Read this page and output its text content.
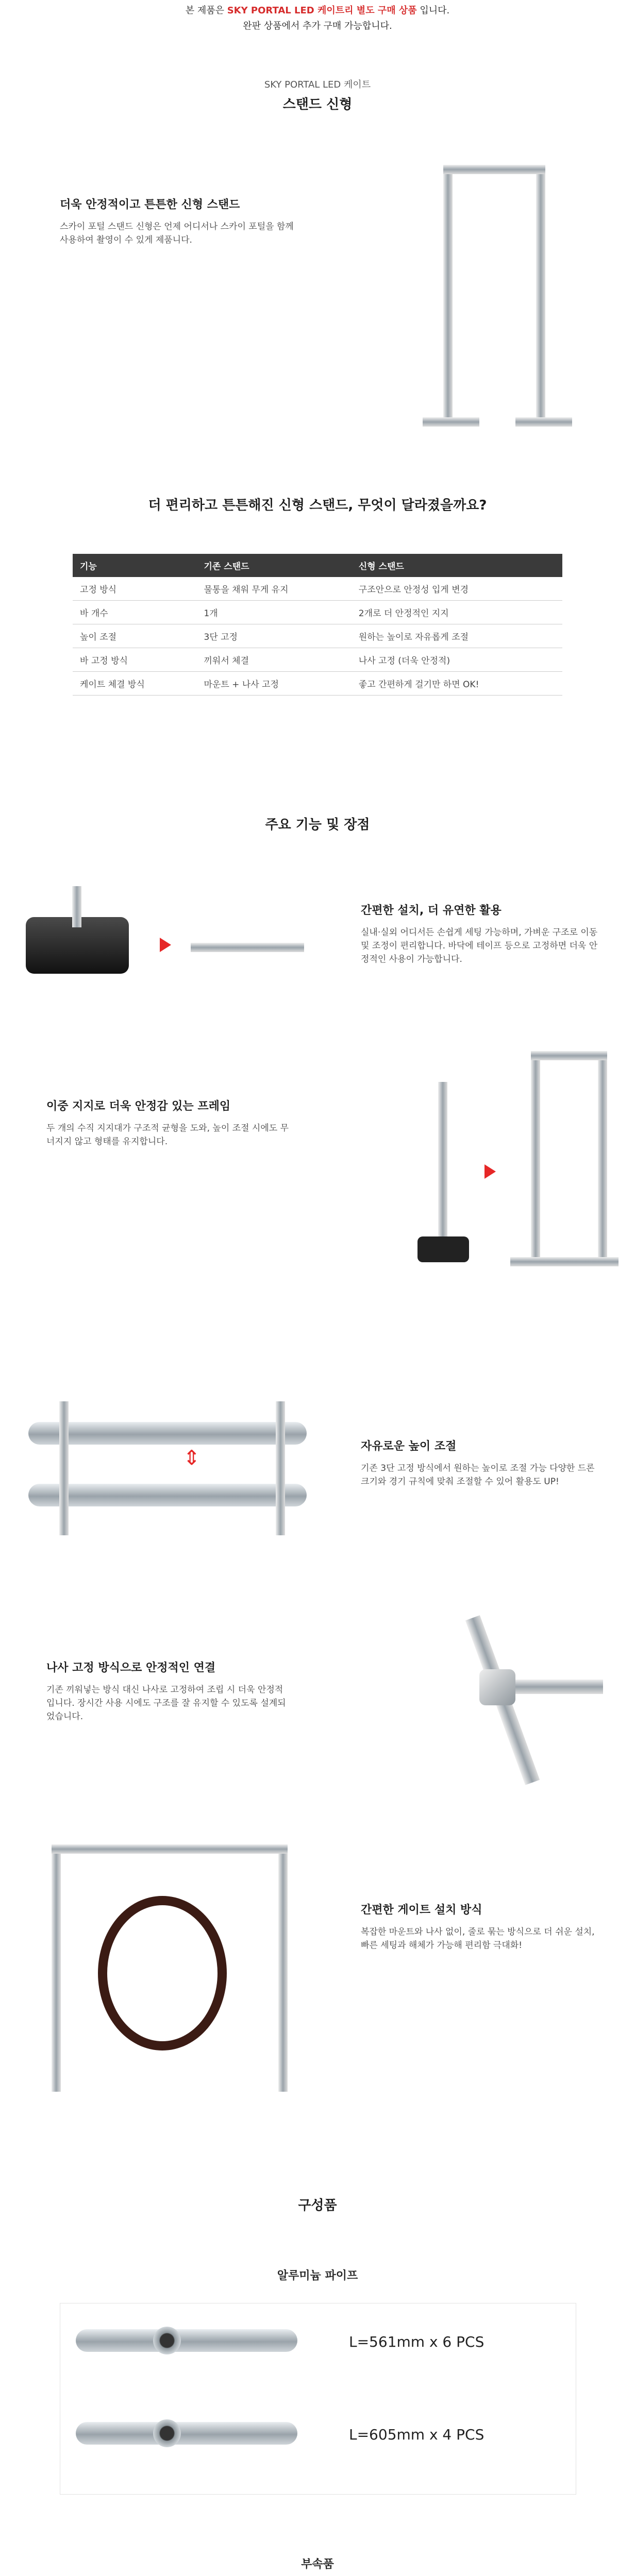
본 제품은 SKY PORTAL LED 케이트리 별도 구매 상품 입니다.
완판 상품에서 추가 구매 가능합니다.
SKY PORTAL LED 케이트
스탠드 신형
더욱 안정적이고 튼튼한 신형 스탠드
스카이 포털 스탠드 신형은 언제 어디서나 스카이 포털을 함께 사용하여 촬영이 수 있게 제품니다.
더 편리하고 튼튼해진 신형 스탠드, 무엇이 달라졌을까요?
기능	기존 스탠드	신형 스탠드
고정 방식	물통을 채워 무게 유지	구조안으로 안정성 입게 변경
바 개수	1개	2개로 더 안정적인 지지
높이 조절	3단 고정	원하는 높이로 자유롭게 조절
바 고정 방식	끼워서 체결	나사 고정 (더욱 안정적)
케이트 체결 방식	마운트 + 나사 고정	좋고 간편하게 걸기만 하면 OK!
주요 기능 및 장점
간편한 설치, 더 유연한 활용
실내·실외 어디서든 손쉽게 세팅 가능하며, 가벼운 구조로 이동 및 조정이 편리합니다. 바닥에 테이프 등으로 고정하면 더욱 안정적인 사용이 가능합니다.
이중 지지로 더욱 안정감 있는 프레임
두 개의 수직 지지대가 구조적 균형을 도와, 높이 조절 시에도 무너지지 않고 형태를 유지합니다.
⇕	자유로운 높이 조절
기존 3단 고정 방식에서 원하는 높이로 조절 가능 다양한 드론 크기와 경기 규칙에 맞춰 조절할 수 있어 활용도 UP!
나사 고정 방식으로 안정적인 연결
기존 끼워넣는 방식 대신 나사로 고정하여 조립 시 더욱 안정적입니다. 장시간 사용 시에도 구조를 잘 유지할 수 있도록 설계되었습니다.
간편한 게이트 설치 방식
복잡한 마운트와 나사 없이, 줄로 묶는 방식으로 더 쉬운 설치, 빠른 세팅과 해체가 가능해 편리함 극대화!
구성품
알루미늄 파이프
L=561mm x 6 PCS
L=605mm x 4 PCS
부속품
